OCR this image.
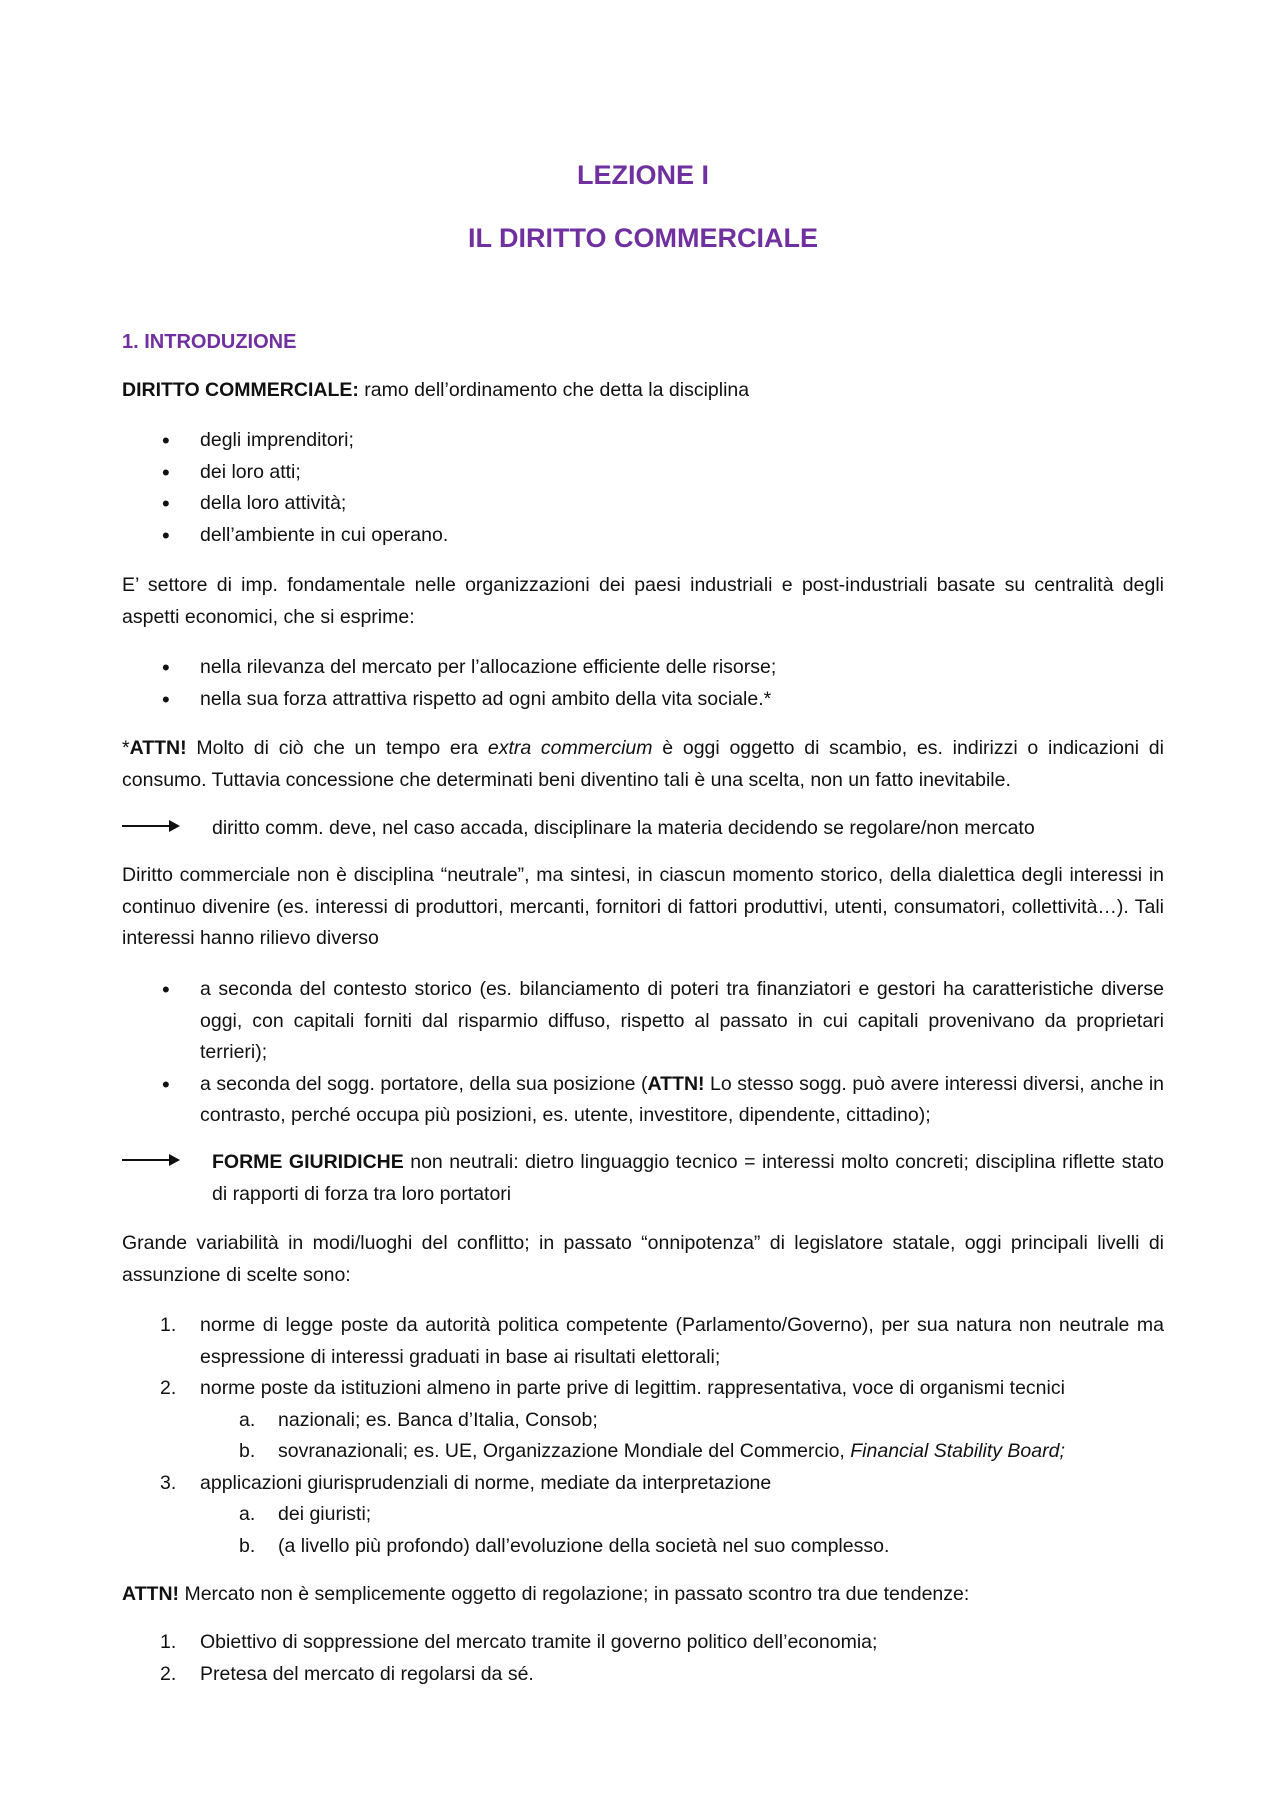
LEZIONE I
IL DIRITTO COMMERCIALE
1. INTRODUZIONE
DIRITTO COMMERCIALE: ramo dell’ordinamento che detta la disciplina
• degli imprenditori;
• dei loro atti;
• della loro attività;
• dell’ambiente in cui operano.
E’ settore di imp. fondamentale nelle organizzazioni dei paesi industriali e post-industriali basate su centralità degli aspetti economici, che si esprime:
• nella rilevanza del mercato per l’allocazione efficiente delle risorse;
• nella sua forza attrattiva rispetto ad ogni ambito della vita sociale.*
*ATTN! Molto di ciò che un tempo era extra commercium è oggi oggetto di scambio, es. indirizzi o indicazioni di consumo. Tuttavia concessione che determinati beni diventino tali è una scelta, non un fatto inevitabile.
diritto comm. deve, nel caso accada, disciplinare la materia decidendo se regolare/non mercato
Diritto commerciale non è disciplina “neutrale”, ma sintesi, in ciascun momento storico, della dialettica degli interessi in continuo divenire (es. interessi di produttori, mercanti, fornitori di fattori produttivi, utenti, consumatori, collettività…). Tali interessi hanno rilievo diverso
• a seconda del contesto storico (es. bilanciamento di poteri tra finanziatori e gestori ha caratteristiche diverse oggi, con capitali forniti dal risparmio diffuso, rispetto al passato in cui capitali provenivano da proprietari terrieri);
• a seconda del sogg. portatore, della sua posizione (ATTN! Lo stesso sogg. può avere interessi diversi, anche in contrasto, perché occupa più posizioni, es. utente, investitore, dipendente, cittadino);
FORME GIURIDICHE non neutrali: dietro linguaggio tecnico = interessi molto concreti; disciplina riflette stato di rapporti di forza tra loro portatori
Grande variabilità in modi/luoghi del conflitto; in passato “onnipotenza” di legislatore statale, oggi principali livelli di assunzione di scelte sono:
1. norme di legge poste da autorità politica competente (Parlamento/Governo), per sua natura non neutrale ma espressione di interessi graduati in base ai risultati elettorali;
2. norme poste da istituzioni almeno in parte prive di legittim. rappresentativa, voce di organismi tecnici
a. nazionali; es. Banca d’Italia, Consob;
b. sovranazionali; es. UE, Organizzazione Mondiale del Commercio, Financial Stability Board;
3. applicazioni giurisprudenziali di norme, mediate da interpretazione
a. dei giuristi;
b. (a livello più profondo) dall’evoluzione della società nel suo complesso.
ATTN! Mercato non è semplicemente oggetto di regolazione; in passato scontro tra due tendenze:
1. Obiettivo di soppressione del mercato tramite il governo politico dell’economia;
2. Pretesa del mercato di regolarsi da sé.
